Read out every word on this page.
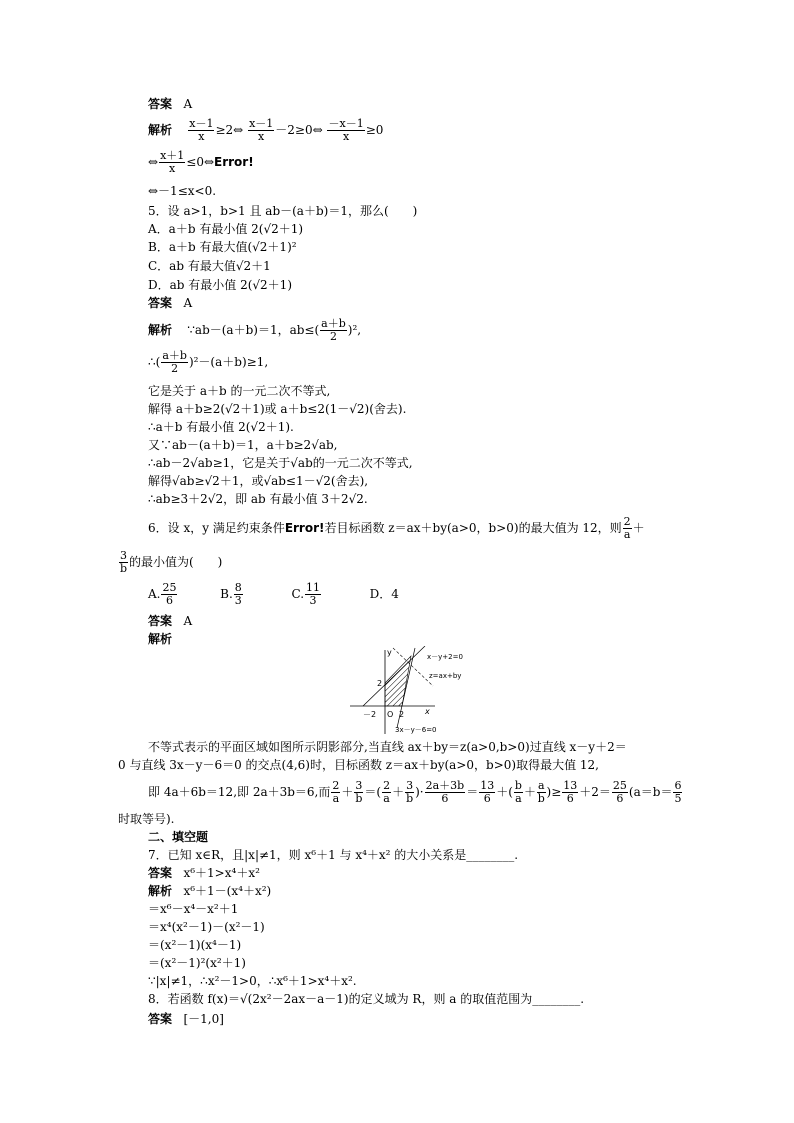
答案 A
解析 $\frac{x-1}{x}$ ≥2⇔ $\frac{x-1}{x}$ －2≥0⇔ $\frac{-x-1}{x} \ge 0$
⇔ $\frac{x+1}{x}$ ≤0⇔Error!
⇔－1≤x<0.
5．设 a>1，b>1 且 ab－(a＋b)＝1，那么(　　)
A．a＋b 有最小值 2(√2＋1)
B．a＋b 有最大值(√2＋1)²
C．ab 有最大值√2＋1
D．ab 有最小值 2(√2＋1)
答案 A
解析 ∵ab－(a＋b)＝1，$ab\le( \frac{a+b}{2} )^2$,
∴( $\frac{a+b}{2} )^2-(a+b)\ge 1$,
它是关于 a＋b 的一元二次不等式,
解得 a＋b≥2(√2＋1)或 a＋b≤2(1－√2)(舍去).
∴a＋b 有最小值 2(√2＋1).
又∵ab－(a＋b)＝1，a＋b≥2√ab,
∴ab－2√ab≥1，它是关于√ab的一元二次不等式,
解得√ab≥√2＋1，或√ab≤1－√2(舍去),
∴ab≥3＋2√2，即 ab 有最小值 3＋2√2.
6．设 x，y 满足约束条件Error!若目标函数 z＝ax＋by(a>0，b>0)的最大值为 12，则 $\frac{2}{a}$ ＋
$\frac{3}{b}$ 的最小值为(　　)
A. $\frac{25}{6}$	B. $\frac{8}{3}$	C. $\frac{11}{3}$	D．4
答案 A
解析
y
x
O
2
－2	2
x－y+2=0
z=ax+by
3x－y－6=0
不等式表示的平面区域如图所示阴影部分,当直线 ax＋by＝z(a>0,b>0)过直线 x－y＋2＝
0 与直线 3x－y－6＝0 的交点(4,6)时，目标函数 z＝ax＋by(a>0，b>0)取得最大值 12,
即 4a＋6b＝12,即 2a＋3b＝6,而 $\frac{2}{a} + \frac{3}{b}$ ＝( $\frac{2}{a} + \frac{3}{b}$ )· $\frac{2a+3b}{6} = \frac{13}{6}$ ＋( $\frac{b}{a} + \frac{a}{b}$ )≥ $\frac{13}{6} +2= \frac{25}{6} (a=b= \frac{6}{5}$
时取等号).
二、填空题
7．已知 x∈R，且|x|≠1，则 x⁶＋1 与 x⁴＋x² 的大小关系是________.
答案 x⁶＋1>x⁴＋x²
解析 x⁶＋1－(x⁴＋x²)
＝x⁶－x⁴－x²＋1
＝x⁴(x²－1)－(x²－1)
＝(x²－1)(x⁴－1)
＝(x²－1)²(x²＋1)
∵|x|≠1，∴x²－1>0，∴x⁶＋1>x⁴＋x².
8．若函数 f(x)＝√(2x²－2ax－a－1)的定义域为 R，则 a 的取值范围为________.
答案 [－1,0]
